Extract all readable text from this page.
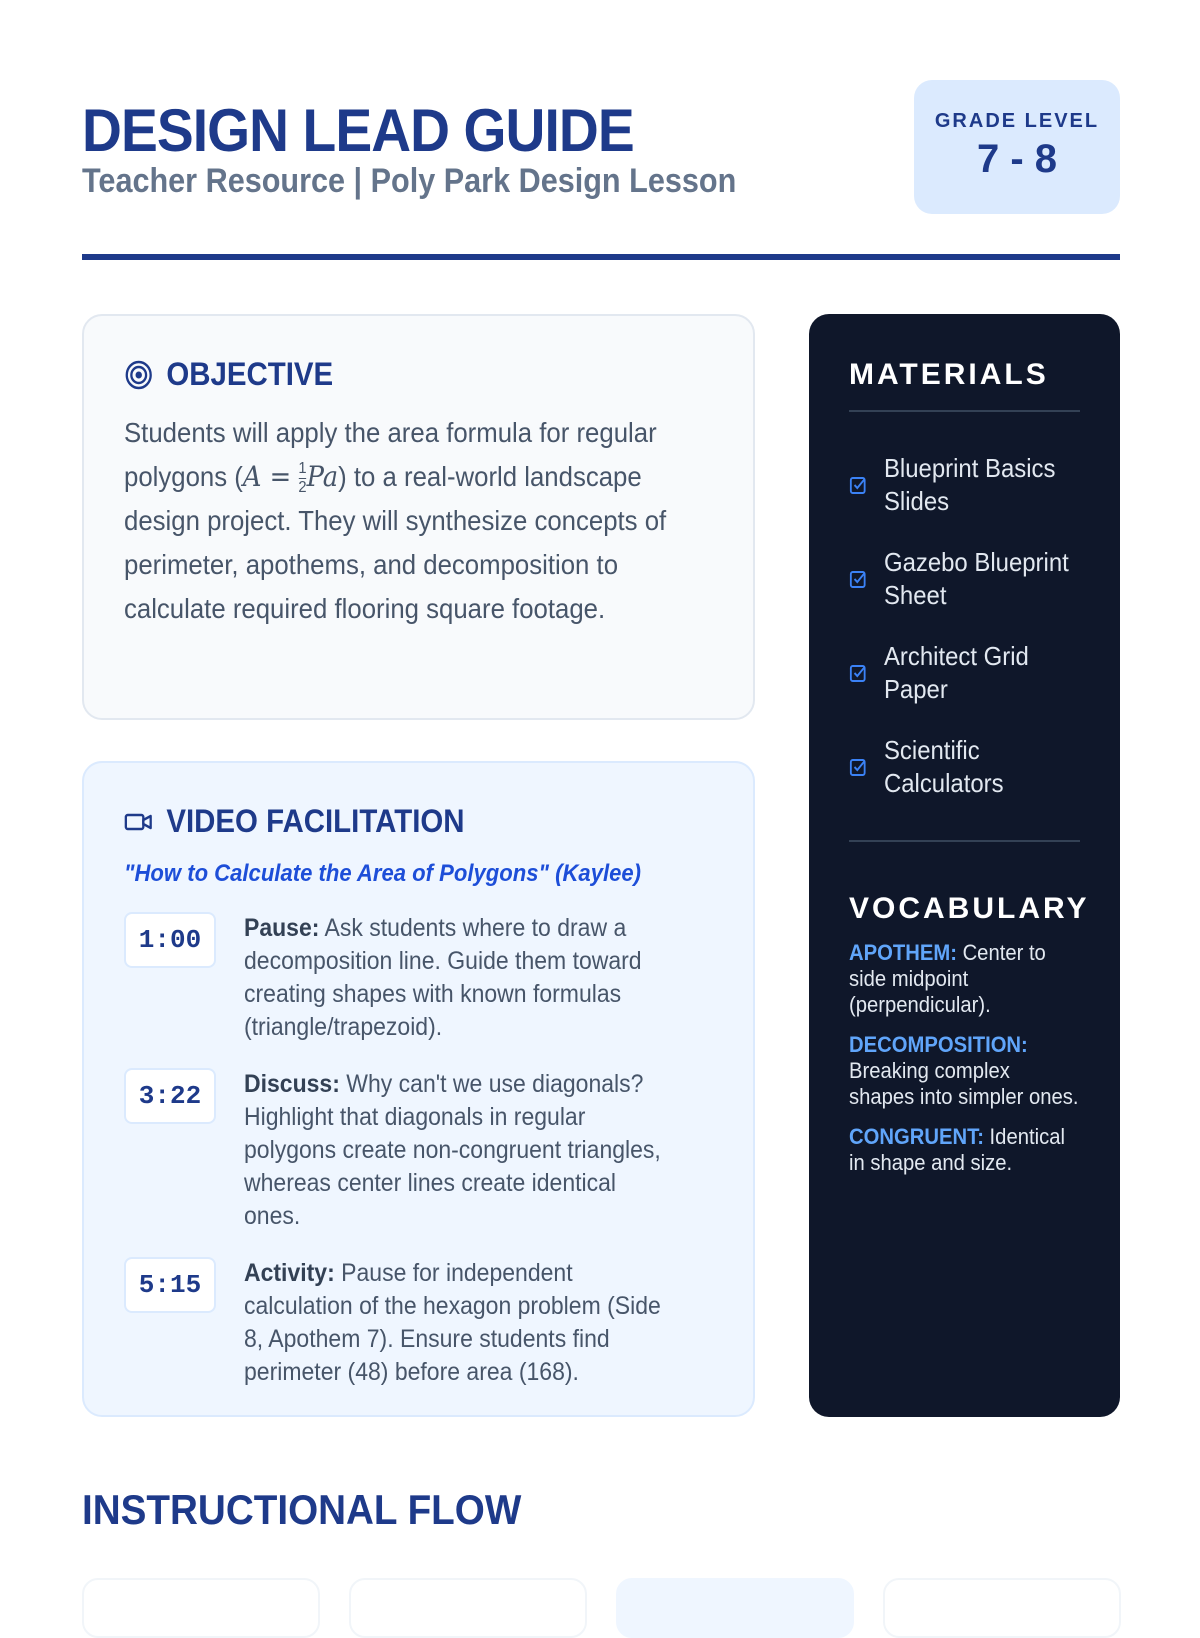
DESIGN LEAD GUIDE
Teacher Resource | Poly Park Design Lesson
GRADE LEVEL
7 - 8
OBJECTIVE
Students will apply the area formula for regular polygons $(A = \frac{1}{2} Pa)$ to a real-world landscape design project. They will synthesize concepts of perimeter, apothems, and decomposition to calculate required flooring square footage.
VIDEO FACILITATION
"How to Calculate the Area of Polygons" (Kaylee)
1:00	Pause: Ask students where to draw a decomposition line. Guide them toward creating shapes with known formulas (triangle/trapezoid).
3:22	Discuss: Why can't we use diagonals? Highlight that diagonals in regular polygons create non-congruent triangles, whereas center lines create identical ones.
5:15	Activity: Pause for independent calculation of the hexagon problem (Side 8, Apothem 7). Ensure students find perimeter (48) before area (168).
MATERIALS
Blueprint Basics Slides
Gazebo Blueprint Sheet
Architect Grid Paper
Scientific Calculators
VOCABULARY
APOTHEM: Center to side midpoint (perpendicular).
DECOMPOSITION: Breaking complex shapes into simpler ones.
CONGRUENT: Identical in shape and size.
INSTRUCTIONAL FLOW
